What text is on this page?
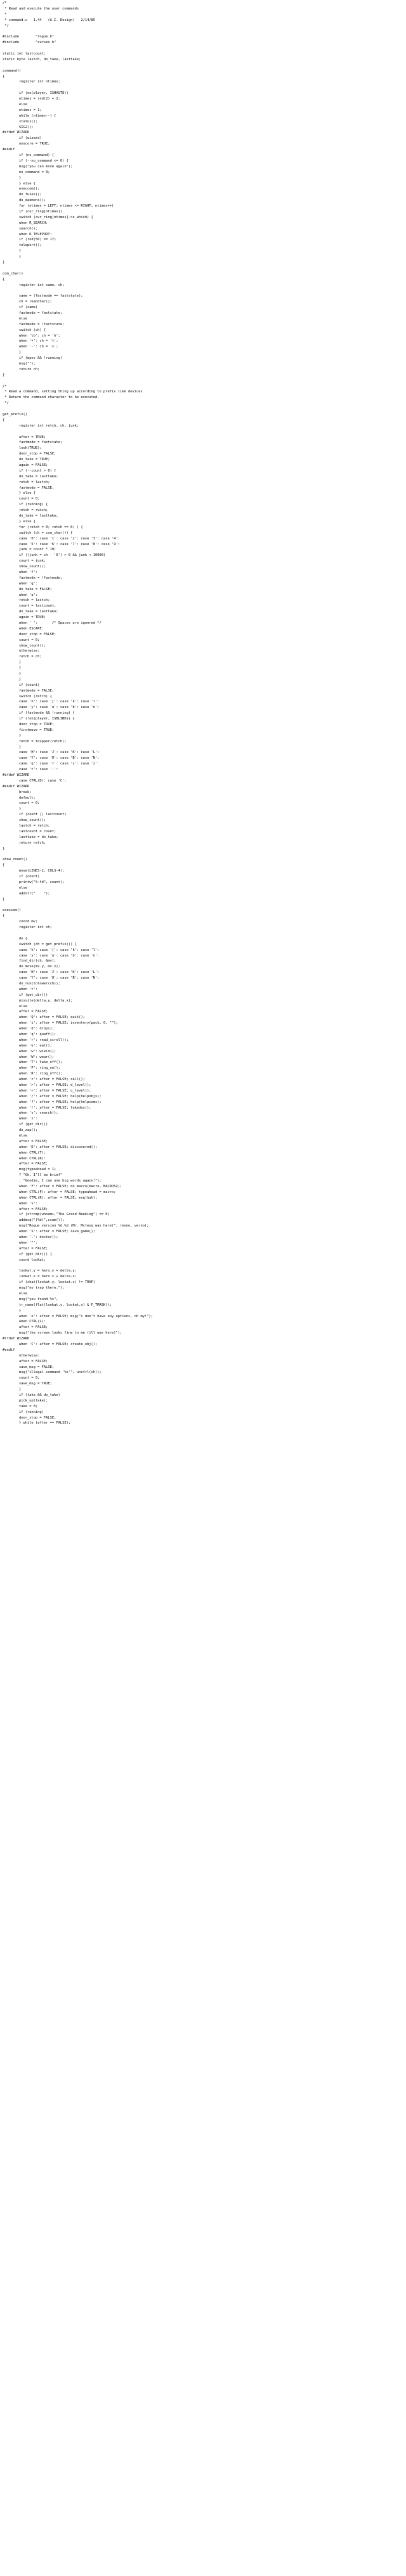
/*
* Read and execute the user commands
*
* command.c   1.44   (A.I. Design)   2/14/85
*/
#include        "rogue.h"
#include        "curses.h"
static int lastcount;
static byte lastch, do_take, lasttake;
command()
{
register int ntimes;
if (on(player, ISHASTE))
ntimes = rnd(2) + 2;
else
ntimes = 1;
while (ntimes--) {
status();
SIG2();
#ifdef WIZARD
if (wizard)
noscore = TRUE;
#endif
if (no_command) {
if (--no_command <= 0) {
msg("you can move again");
no_command = 0;
}
} else {
execcom();
do_fuses();
do_daemons();
for (ntimes = LEFT; ntimes <= RIGHT; ntimes++)
if (cur_ring[ntimes])
switch (cur_ring[ntimes]->o_which) {
when R_SEARCH:
search();
when R_TELEPORT:
if (rnd(50) == 17)
teleport();
}
}
}
com_char()
{
register int same, ch;
same = (fastmode == faststate);
ch = readchar();
if (same)
fastmode = faststate;
else
fastmode = !faststate;
switch (ch) {
when '\b': ch = 'h';
when '+': ch = 't';
when '-': ch = 's';
}
if (mpos && !running)
msg("");
return ch;
}
/*
* Read a command, setting thing up according to prefix like devices
* Return the command character to be executed.
*/
get_prefix()
{
register int retch, ch, junk;
after = TRUE;
fastmode = faststate;
look(TRUE);
door_stop = FALSE;
do_take = TRUE;
again = FALSE;
if (--count > 0) {
do_take = lasttake;
retch = lastch;
fastmode = FALSE;
} else {
count = 0;
if (running) {
retch = runch;
do_take = lasttake;
} else {
for (retch = 0; retch == 0; ) {
switch (ch = com_char()) {
case '0': case '1': case '2': case '3': case '4':
case '5': case '6': case '7': case '8': case '9':
junk = count * 10;
if ((junk = ch - '0') > 0 && junk < 10000)
count = junk;
show_count();
when 'f':
fastmode = !fastmode;
when 'g':
do_take = FALSE;
when 'a':
retch = lastch;
count = lastcount;
do_take = lasttake;
again = TRUE;
when ' ':       /* Spaces are ignored */
when ESCAPE:
door_stop = FALSE;
count = 0;
show_count();
otherwise:
retch = ch;
}
}
}
}
if (count)
fastmode = FALSE;
switch (retch) {
case 'h': case 'j': case 'k': case 'l':
case 'y': case 'u': case 'b': case 'n':
if (fastmode && !running) {
if (!on(player, ISBLIND)) {
door_stop = TRUE;
firstmove = TRUE;
}
retch = toupper(retch);
}
case 'H': case 'J': case 'K': case 'L':
case 'Y': case 'U': case 'B': case 'N':
case 'q': case 'r': case 's': case 'z':
case 't': case '.':
#ifdef WIZARD
case CTRL(D): case 'C':
#endif WIZARD
break;
default:
count = 0;
}
if (count || lastcount)
show_count();
lastch = retch;
lastcount = count;
lasttake = do_take;
return retch;
}
show_count()
{
move(LINES-2, COLS-4);
if (count)
printw("%-4d", count);
else
addstr("    ");
}
execcom()
{
coord mv;
register int ch;
do {
switch (ch = get_prefix()) {
case 'h': case 'j': case 'k': case 'l':
case 'y': case 'u': case 'b': case 'n':
find_dir(ch, &mv);
do_move(mv.y, mv.x);
case 'H': case 'J': case 'K': case 'L':
case 'Y': case 'U': case 'B': case 'N':
do_run(tolower(ch));
when 't':
if (get_dir())
missile(delta.y, delta.x);
else
after = FALSE;
when 'Q': after = FALSE; quit();
when 'i': after = FALSE; inventory(pack, 0, "");
when 'd': drop();
when 'q': quaff();
when 'r': read_scroll();
when 'e': eat();
when 'w': wield();
when 'W': wear();
when 'T': take_off();
when 'P': ring_on();
when 'R': ring_off();
when 'c': after = FALSE; call();
when '>': after = FALSE; d_level();
when '<': after = FALSE; u_level();
when '/': after = FALSE; help(helpobjs);
when '?': after = FALSE; help(helpcoms);
when '!': after = FALSE; fakedos();
when 's': search();
when 'z':
if (get_dir())
do_zap();
else
after = FALSE;
when 'D': after = FALSE; discovered();
when CTRL(T):
when CTRL(R):
after = FALSE;
msg(typeahead = 1)
? "Ok, I'll be brief"
: "Goodie, I can use big words again!");
when 'F': after = FALSE; do_macro(macro, MACROSZ);
when CTRL(F): after = FALSE; typeahead = macro;
when CTRL(R): after = FALSE; msg(huh);
when 'v':
after = FALSE;
if (strcmp(whoami,"The Grand Beeking") == 0)
addmsg("(%d)",csum());
msg("Rogue version %d.%d (Mr. Mctesq was here)", revno, verno);
when 'S': after = FALSE; save_game();
when '.': doctor();
when '^':
after = FALSE;
if (get_dir()) {
coord lookat;
lookat.y = hero.y + delta.y;
lookat.x = hero.x + delta.x;
if (chat(lookat.y, lookat.x) != TRAP)
msg("no trap there.");
else
msg("you found %s",
tr_name(flat(lookat.y, lookat.x) & F_TMASK));
}
when 'o': after = FALSE; msg("i don't have any options, oh my!");
when CTRL(L):
after = FALSE;
msg("the screen looks fine to me (jll was here)");
#ifdef WIZARD
when 'C': after = FALSE; create_obj();
#endif
otherwise:
after = FALSE;
save_msg = FALSE;
msg("illegal command '%s'", unctrl(ch));
count = 0;
save_msg = TRUE;
}
if (take && do_take)
pick_up(take);
take = 0;
if (running)
door_stop = FALSE;
} while (after == FALSE);
